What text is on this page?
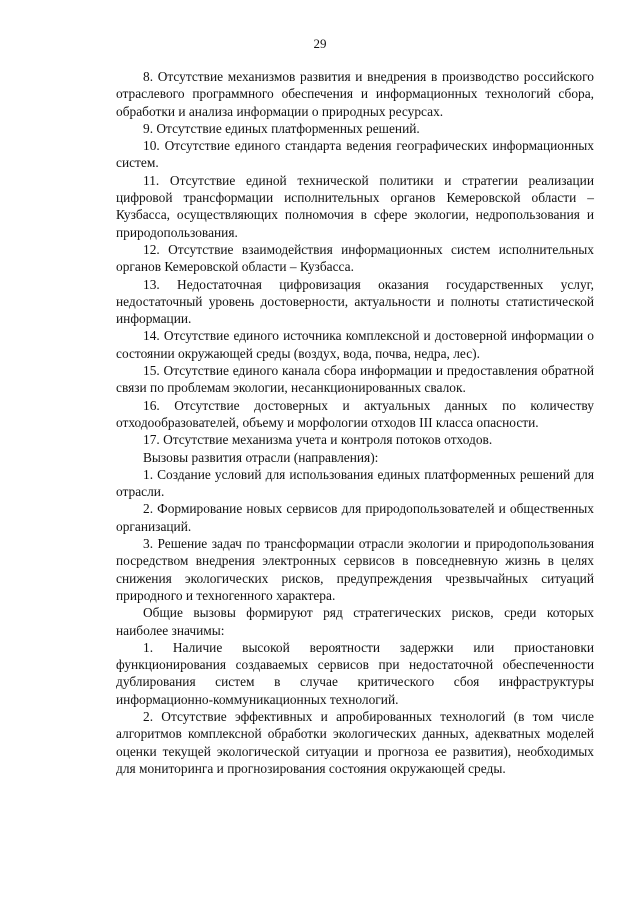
29

8. Отсутствие механизмов развития и внедрения в производство российского отраслевого программного обеспечения и информационных технологий сбора, обработки и анализа информации о природных ресурсах.

9. Отсутствие единых платформенных решений.

10. Отсутствие единого стандарта ведения географических информационных систем.

11. Отсутствие единой технической политики и стратегии реализации цифровой трансформации исполнительных органов Кемеровской области – Кузбасса, осуществляющих полномочия в сфере экологии, недропользования и природопользования.

12. Отсутствие взаимодействия информационных систем исполнительных органов Кемеровской области – Кузбасса.

13. Недостаточная цифровизация оказания государственных услуг, недостаточный уровень достоверности, актуальности и полноты статистической информации.

14. Отсутствие единого источника комплексной и достоверной информации о состоянии окружающей среды (воздух, вода, почва, недра, лес).

15. Отсутствие единого канала сбора информации и предоставления обратной связи по проблемам экологии, несанкционированных свалок.

16. Отсутствие достоверных и актуальных данных по количеству отходообразователей, объему и морфологии отходов III класса опасности.

17. Отсутствие механизма учета и контроля потоков отходов.

Вызовы развития отрасли (направления):

1. Создание условий для использования единых платформенных решений для отрасли.

2. Формирование новых сервисов для природопользователей и общественных организаций.

3. Решение задач по трансформации отрасли экологии и природопользования посредством внедрения электронных сервисов в повседневную жизнь в целях снижения экологических рисков, предупреждения чрезвычайных ситуаций природного и техногенного характера.

Общие вызовы формируют ряд стратегических рисков, среди которых наиболее значимы:

1. Наличие высокой вероятности задержки или приостановки функционирования создаваемых сервисов при недостаточной обеспеченности дублирования систем в случае критического сбоя инфраструктуры информационно-коммуникационных технологий.

2. Отсутствие эффективных и апробированных технологий (в том числе алгоритмов комплексной обработки экологических данных, адекватных моделей оценки текущей экологической ситуации и прогноза ее развития), необходимых для мониторинга и прогнозирования состояния окружающей среды.
